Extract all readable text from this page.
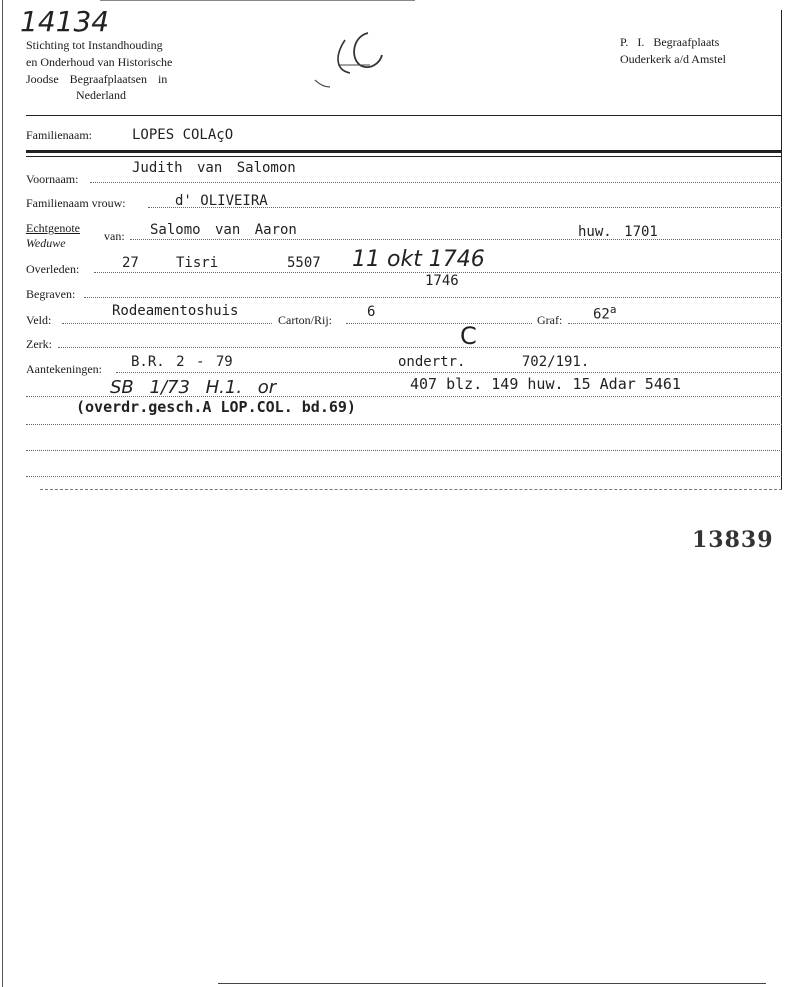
14134
Stichting tot Instandhouding
en Onderhoud van Historische
Joodse Begraafplaatsen in
Nederland
P. I. Begraafplaats
Ouderkerk a/d Amstel
Familienaam:	LOPES COLAçO
Voornaam:
Judith van Salomon
Familienaam vrouw:	d' OLIVEIRA
Echtgenote
Weduwe	van: Salomo van Aaron	huw. 1701
Overleden:	27	Tisri	5507 11 okt 1746
1746
Begraven:
Veld:
Rodeamentoshuis
Carton/Rij:	6	Graf: 62$^a$
Zerk:	C
Aantekeningen: B.R. 2 - 79	ondertr. 702/191.
SB 1/73 H.1. or	407 blz. 149 huw. 15 Adar 5461
(overdr.gesch.A LOP.COL. bd.69)
13839
